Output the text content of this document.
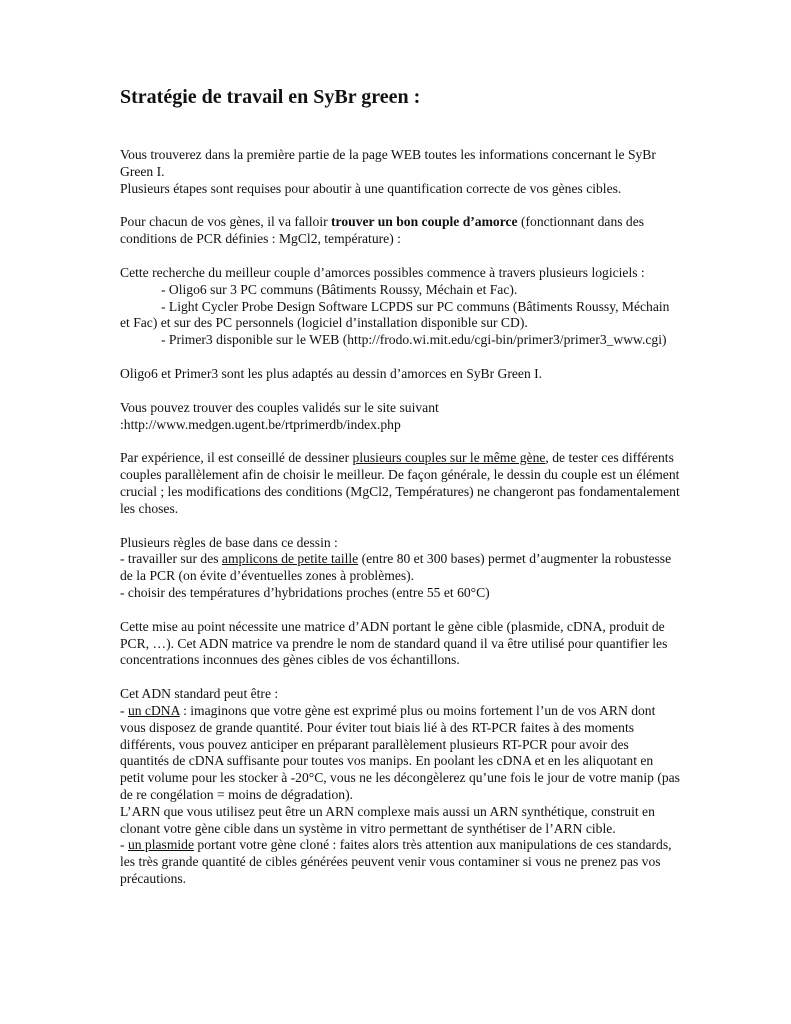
Stratégie de travail en SyBr green :

Vous trouverez dans la première partie de la page WEB toutes les informations concernant le SyBr Green I.

Plusieurs étapes sont requises pour aboutir à une quantification correcte de vos gènes cibles.

Pour chacun de vos gènes, il va falloir trouver un bon couple d’amorce (fonctionnant dans des conditions de PCR définies : MgCl2, température) :

Cette recherche du meilleur couple d’amorces possibles commence à travers plusieurs logiciels :

- Oligo6 sur 3 PC communs (Bâtiments Roussy, Méchain et Fac).

- Light Cycler Probe Design Software LCPDS sur PC communs (Bâtiments Roussy, Méchain et Fac) et sur des PC personnels (logiciel d’installation disponible sur CD).

- Primer3 disponible sur le WEB (http://frodo.wi.mit.edu/cgi-bin/primer3/primer3_www.cgi)

Oligo6 et Primer3 sont les plus adaptés au dessin d’amorces en SyBr Green I.

Vous pouvez trouver des couples validés sur le site suivant :http://www.medgen.ugent.be/rtprimerdb/index.php

Par expérience, il est conseillé de dessiner plusieurs couples sur le même gène, de tester ces différents couples parallèlement afin de choisir le meilleur. De façon générale, le dessin du couple est un élément crucial ; les modifications des conditions (MgCl2, Températures) ne changeront pas fondamentalement les choses.

Plusieurs règles de base dans ce dessin :

- travailler sur des amplicons de petite taille (entre 80 et 300 bases) permet d’augmenter la robustesse de la PCR (on évite d’éventuelles zones à problèmes).

- choisir des températures d’hybridations proches (entre 55 et 60°C)

Cette mise au point nécessite une matrice d’ADN portant le gène cible (plasmide, cDNA, produit de PCR, …). Cet ADN matrice va prendre le nom de standard quand il va être utilisé pour quantifier les concentrations inconnues des gènes cibles de vos échantillons.

Cet ADN standard peut être :

- un cDNA : imaginons que votre gène est exprimé plus ou moins fortement l’un de vos ARN dont vous disposez de grande quantité. Pour éviter tout biais lié à des RT-PCR faites à des moments différents, vous pouvez anticiper en préparant parallèlement plusieurs RT-PCR pour avoir des quantités de cDNA suffisante pour toutes vos manips. En poolant les cDNA et en les aliquotant en petit volume pour les stocker à -20°C, vous ne les décongèlerez qu’une fois le jour de votre manip (pas de re congélation = moins de dégradation).

L’ARN que vous utilisez peut être un ARN complexe mais aussi un ARN synthétique, construit en clonant votre gène cible dans un système in vitro permettant de synthétiser de l’ARN cible.

- un plasmide portant votre gène cloné : faites alors très attention aux manipulations de ces standards, les très grande quantité de cibles générées peuvent venir vous contaminer si vous ne prenez pas vos précautions.
